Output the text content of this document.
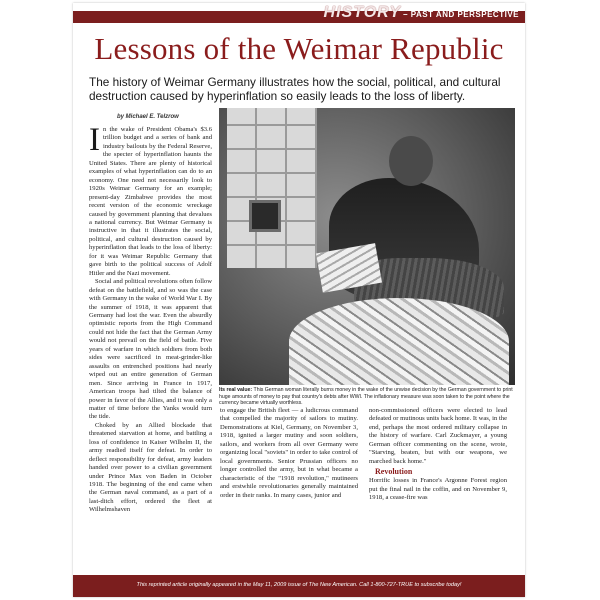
HISTORY – PAST AND PERSPECTIVE
Lessons of the Weimar Republic
The history of Weimar Germany illustrates how the social, political, and cultural destruction caused by hyperinflation so easily leads to the loss of liberty.
by Michael E. Telzrow

In the wake of President Obama's $3.6 trillion budget and a series of bank and industry bailouts by the Federal Reserve, the specter of hyperinflation haunts the United States. There are plenty of historical examples of what hyperinflation can do to an economy. One need not necessarily look to 1920s Weimar Germany for an example; present-day Zimbabwe provides the most recent version of the economic wreckage caused by government planning that devalues a national currency. But Weimar Germany is instructive in that it illustrates the social, political, and cultural destruction caused by hyperinflation that leads to the loss of liberty: for it was Weimar Republic Germany that gave birth to the political success of Adolf Hitler and the Nazi movement.

Social and political revolutions often follow defeat on the battlefield, and so was the case with Germany in the wake of World War I. By the summer of 1918, it was apparent that Germany had lost the war. Even the absurdly optimistic reports from the High Command could not hide the fact that the German Army would not prevail on the field of battle. Five years of warfare in which soldiers from both sides were sacrificed in meat-grinder-like assaults on entrenched positions had nearly wiped out an entire generation of German men. Since arriving in France in 1917, American troops had tilted the balance of power in favor of the Allies, and it was only a matter of time before the Yanks would turn the tide.

Choked by an Allied blockade that threatened starvation at home, and battling a loss of confidence in Kaiser Wilhelm II, the army readied itself for defeat. In order to deflect responsibility for defeat, army leaders handed over power to a civilian government under Prince Max von Baden in October 1918. The beginning of the end came when the German naval command, as a part of a last-ditch effort, ordered the fleet at Wilhelmshaven

Its real value: This German woman literally burns money in the wake of the unwise decision by the German government to print huge amounts of money to pay that country's debts after WWI. The inflationary measure was soon taken to the point where the currency became virtually worthless.

to engage the British fleet — a ludicrous command that compelled the majority of sailors to mutiny. Demonstrations at Kiel, Germany, on November 3, 1918, ignited a larger mutiny and soon soldiers, sailors, and workers from all over Germany were organizing local "soviets" in order to take control of local governments. Senior Prussian officers no longer controlled the army, but in what became a characteristic of the "1918 revolution," mutineers and erstwhile revolutionaries generally maintained order in their ranks. In many cases, junior and

non-commissioned officers were elected to lead defeated or mutinous units back home. It was, in the end, perhaps the most ordered military collapse in the history of warfare. Carl Zuckmayer, a young German officer commenting on the scene, wrote, "Starving, beaten, but with our weapons, we marched back home."

Revolution

Horrific losses in France's Argonne Forest region put the final nail in the coffin, and on November 9, 1918, a cease-fire was

This reprinted article originally appeared in the May 11, 2009 issue of The New American. Call 1-800-727-TRUE to subscribe today!
